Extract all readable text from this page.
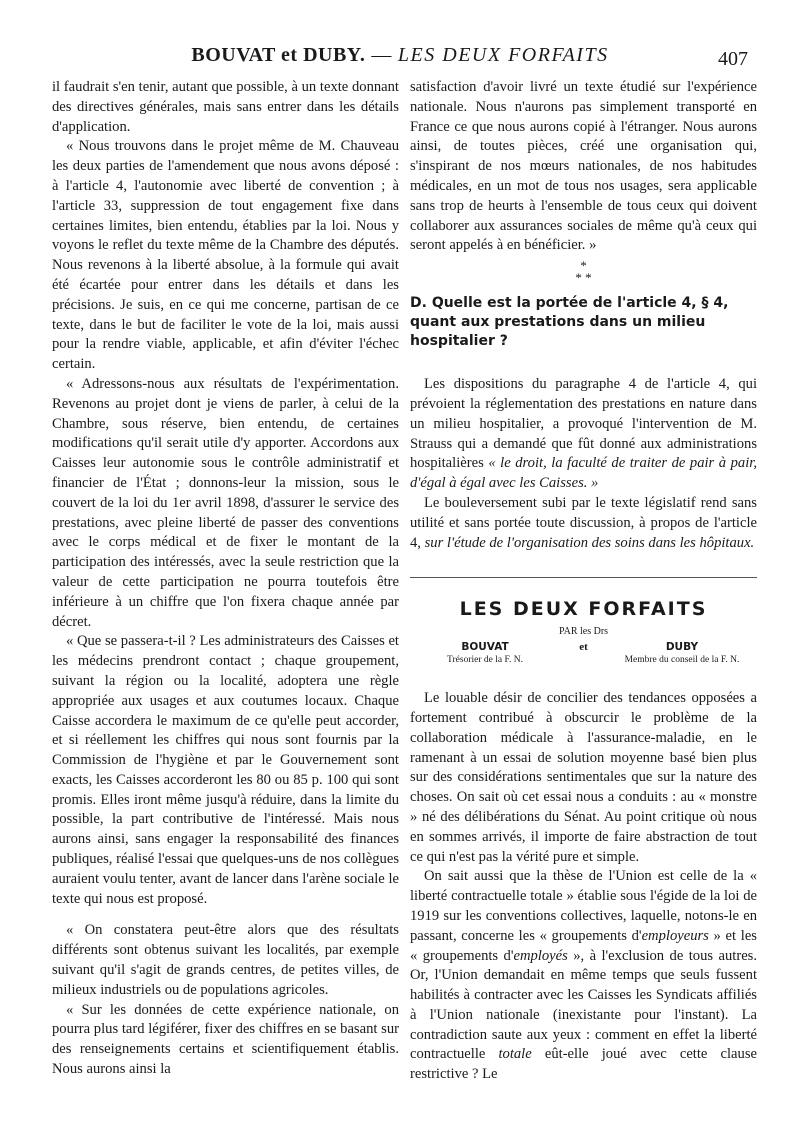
BOUVAT et DUBY. — LES DEUX FORFAITS	407

il faudrait s'en tenir, autant que possible, à un texte donnant des directives générales, mais sans entrer dans les détails d'application.

« Nous trouvons dans le projet même de M. Chauveau les deux parties de l'amendement que nous avons déposé : à l'article 4, l'autonomie avec liberté de convention ; à l'article 33, suppression de tout engagement fixe dans certaines limites, bien entendu, établies par la loi. Nous y voyons le reflet du texte même de la Chambre des députés. Nous revenons à la liberté absolue, à la formule qui avait été écartée pour entrer dans les détails et dans les précisions. Je suis, en ce qui me concerne, partisan de ce texte, dans le but de faciliter le vote de la loi, mais aussi pour la rendre viable, applicable, et afin d'éviter l'échec certain.

« Adressons-nous aux résultats de l'expérimentation. Revenons au projet dont je viens de parler, à celui de la Chambre, sous réserve, bien entendu, de certaines modifications qu'il serait utile d'y apporter. Accordons aux Caisses leur autonomie sous le contrôle administratif et financier de l'État ; donnons-leur la mission, sous le couvert de la loi du 1er avril 1898, d'assurer le service des prestations, avec pleine liberté de passer des conventions avec le corps médical et de fixer le montant de la participation des intéressés, avec la seule restriction que la valeur de cette participation ne pourra toutefois être inférieure à un chiffre que l'on fixera chaque année par décret.

« Que se passera-t-il ? Les administrateurs des Caisses et les médecins prendront contact ; chaque groupement, suivant la région ou la localité, adoptera une règle appropriée aux usages et aux coutumes locaux. Chaque Caisse accordera le maximum de ce qu'elle peut accorder, et si réellement les chiffres qui nous sont fournis par la Commission de l'hygiène et par le Gouvernement sont exacts, les Caisses accorderont les 80 ou 85 p. 100 qui sont promis. Elles iront même jusqu'à réduire, dans la limite du possible, la part contributive de l'intéressé. Mais nous aurons ainsi, sans engager la responsabilité des finances publiques, réalisé l'essai que quelques-uns de nos collègues auraient voulu tenter, avant de lancer dans l'arène sociale le texte qui nous est proposé.

« On constatera peut-être alors que des résultats différents sont obtenus suivant les localités, par exemple suivant qu'il s'agit de grands centres, de petites villes, de milieux industriels ou de populations agricoles.

« Sur les données de cette expérience nationale, on pourra plus tard légiférer, fixer des chiffres en se basant sur des renseignements certains et scientifiquement établis. Nous aurons ainsi la

satisfaction d'avoir livré un texte étudié sur l'expérience nationale. Nous n'aurons pas simplement transporté en France ce que nous aurons copié à l'étranger. Nous aurons ainsi, de toutes pièces, créé une organisation qui, s'inspirant de nos mœurs nationales, de nos habitudes médicales, en un mot de tous nos usages, sera applicable sans trop de heurts à l'ensemble de tous ceux qui doivent collaborer aux assurances sociales de même qu'à ceux qui seront appelés à en bénéficier. »

*
* *
D. Quelle est la portée de l'article 4, § 4, quant aux prestations dans un milieu hospitalier ?

Les dispositions du paragraphe 4 de l'article 4, qui prévoient la réglementation des prestations en nature dans un milieu hospitalier, a provoqué l'intervention de M. Strauss qui a demandé que fût donné aux administrations hospitalières « le droit, la faculté de traiter de pair à pair, d'égal à égal avec les Caisses. »

Le bouleversement subi par le texte législatif rend sans utilité et sans portée toute discussion, à propos de l'article 4, sur l'étude de l'organisation des soins dans les hôpitaux.

LES DEUX FORFAITS
PAR les Drs
BOUVAT
Trésorier de la F. N.
et	DUBY
Membre du conseil de la F. N.

Le louable désir de concilier des tendances opposées a fortement contribué à obscurcir le problème de la collaboration médicale à l'assurance-maladie, en le ramenant à un essai de solution moyenne basé bien plus sur des considérations sentimentales que sur la nature des choses. On sait où cet essai nous a conduits : au « monstre » né des délibérations du Sénat. Au point critique où nous en sommes arrivés, il importe de faire abstraction de tout ce qui n'est pas la vérité pure et simple.

On sait aussi que la thèse de l'Union est celle de la « liberté contractuelle totale » établie sous l'égide de la loi de 1919 sur les conventions collectives, laquelle, notons-le en passant, concerne les « groupements d'employeurs » et les « groupements d'employés », à l'exclusion de tous autres. Or, l'Union demandait en même temps que seuls fussent habilités à contracter avec les Caisses les Syndicats affiliés à l'Union nationale (inexistante pour l'instant). La contradiction saute aux yeux : comment en effet la liberté contractuelle totale eût-elle joué avec cette clause restrictive ? Le
